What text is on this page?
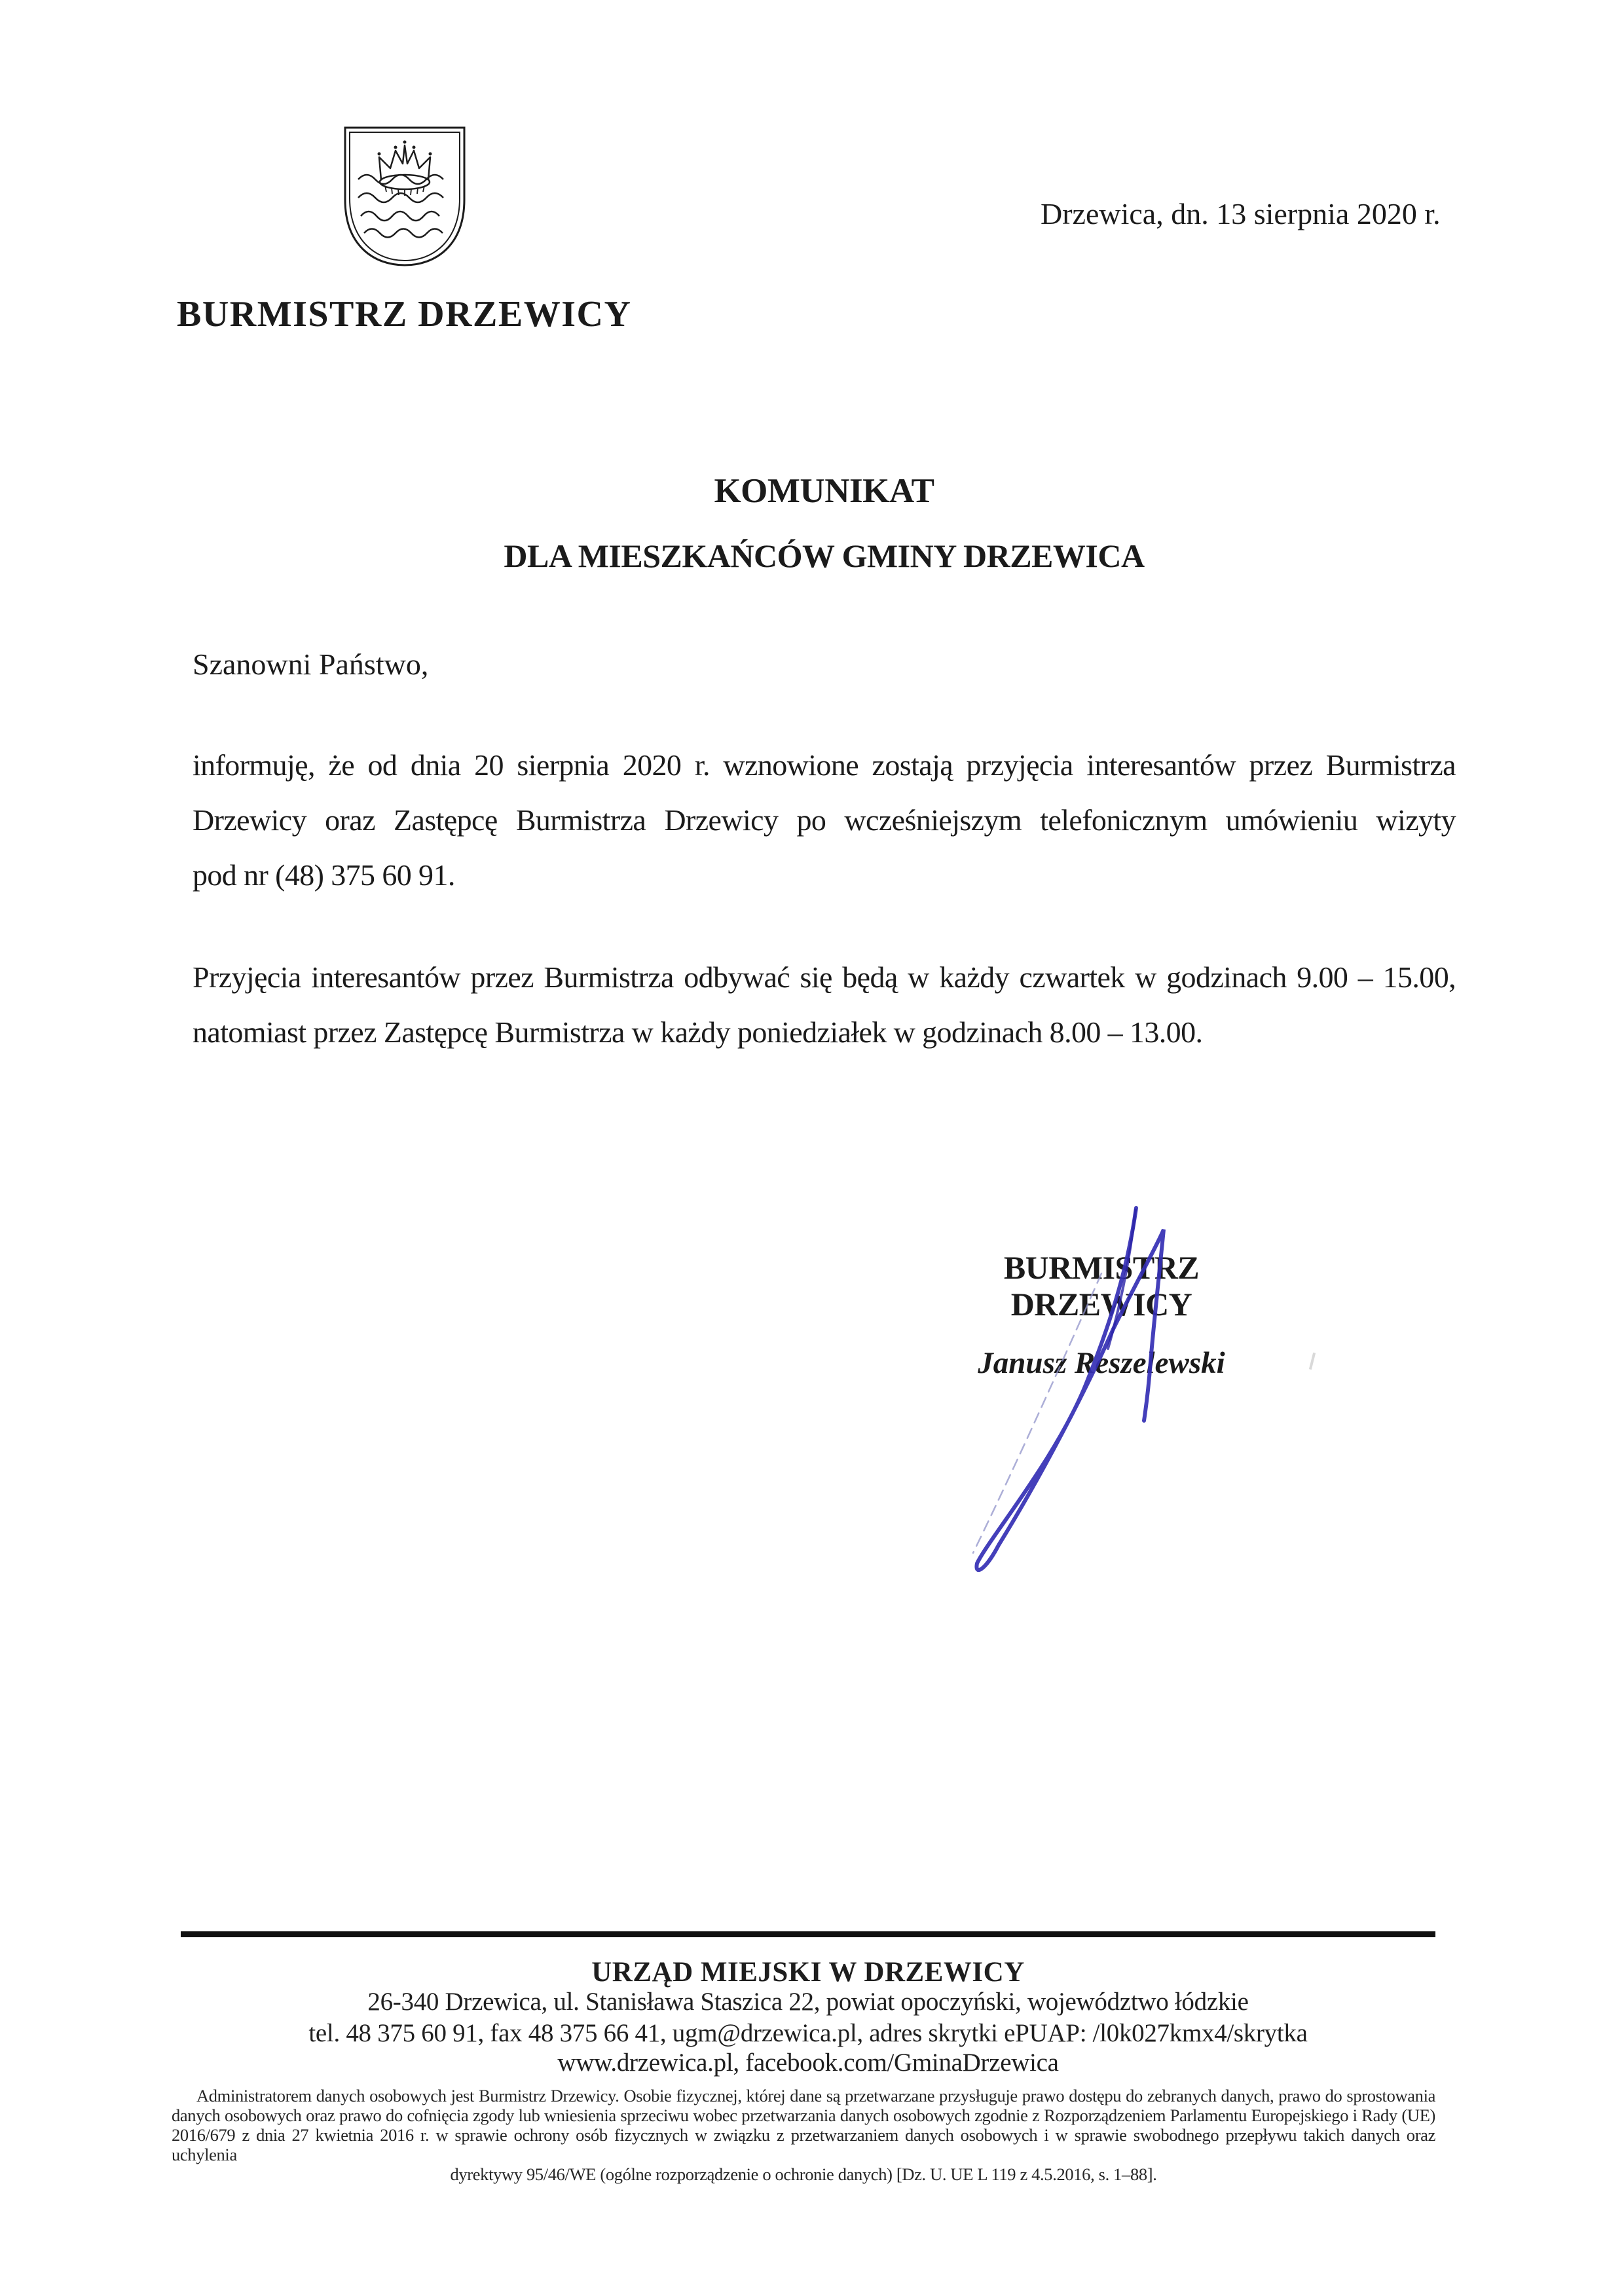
BURMISTRZ DRZEWICY
Drzewica, dn. 13 sierpnia 2020 r.
KOMUNIKAT
DLA MIESZKAŃCÓW GMINY DRZEWICA
Szanowni Państwo,
informuję, że od dnia 20 sierpnia 2020 r. wznowione zostają przyjęcia interesantów przez Burmistrza
Drzewicy oraz Zastępcę Burmistrza Drzewicy po wcześniejszym telefonicznym umówieniu wizyty
pod nr (48) 375 60 91.
Przyjęcia interesantów przez Burmistrza odbywać się będą w każdy czwartek w godzinach 9.00 – 15.00,
natomiast przez Zastępcę Burmistrza w każdy poniedziałek w godzinach 8.00 – 13.00.
BURMISTRZ DRZEWICY
Janusz Reszelewski
URZĄD MIEJSKI W DRZEWICY
26-340 Drzewica, ul. Stanisława Staszica 22, powiat opoczyński, województwo łódzkie
tel. 48 375 60 91, fax 48 375 66 41, ugm@drzewica.pl, adres skrytki ePUAP: /l0k027kmx4/skrytka
www.drzewica.pl, facebook.com/GminaDrzewica
Administratorem danych osobowych jest Burmistrz Drzewicy. Osobie fizycznej, której dane są przetwarzane przysługuje prawo dostępu do zebranych danych, prawo do sprostowania
danych osobowych oraz prawo do cofnięcia zgody lub wniesienia sprzeciwu wobec przetwarzania danych osobowych zgodnie z Rozporządzeniem Parlamentu Europejskiego i Rady (UE)
2016/679 z dnia 27 kwietnia 2016 r. w sprawie ochrony osób fizycznych w związku z przetwarzaniem danych osobowych i w sprawie swobodnego przepływu takich danych oraz uchylenia
dyrektywy 95/46/WE (ogólne rozporządzenie o ochronie danych) [Dz. U. UE L 119 z 4.5.2016, s. 1–88].
